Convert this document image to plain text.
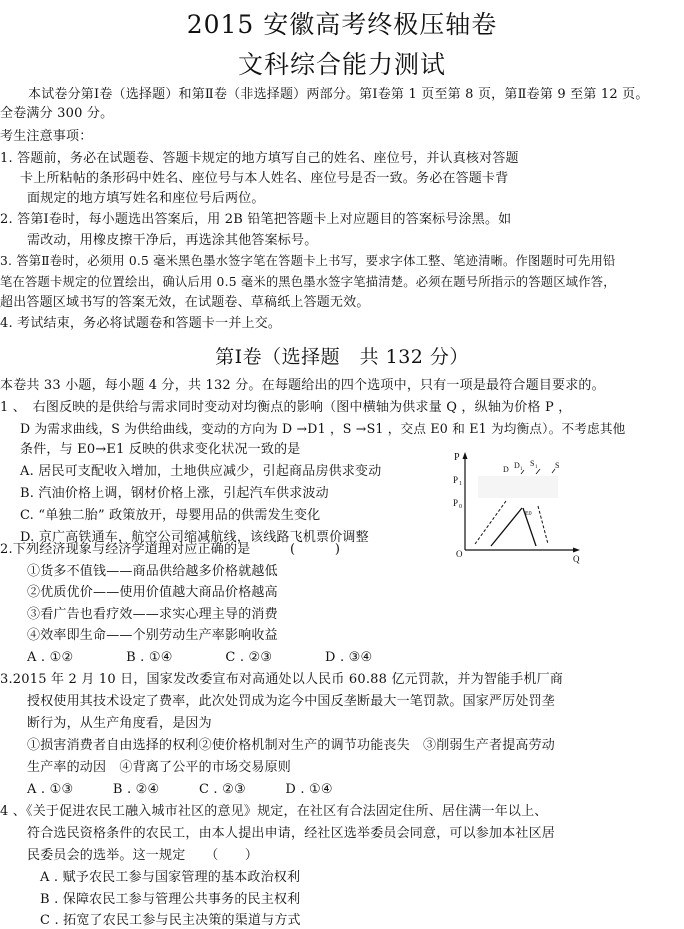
2015 安徽高考终极压轴卷
文科综合能力测试
本试卷分第Ⅰ卷（选择题）和第Ⅱ卷（非选择题）两部分。第Ⅰ卷第 1 页至第 8 页，第Ⅱ卷第 9 至第 12 页。
全卷满分 300 分。
考生注意事项：
1. 答题前，务必在试题卷、答题卡规定的地方填写自己的姓名、座位号，并认真核对答题
卡上所粘帖的条形码中姓名、座位号与本人姓名、座位号是否一致。务必在答题卡背
面规定的地方填写姓名和座位号后两位。
2. 答第Ⅰ卷时，每小题选出答案后，用 2B 铅笔把答题卡上对应题目的答案标号涂黑。如
需改动，用橡皮擦干净后，再选涂其他答案标号。
3. 答第Ⅱ卷时，必须用 0.5 毫米黑色墨水签字笔在答题卡上书写，要求字体工整、笔迹清晰。作图题时可先用铅
笔在答题卡规定的位置绘出，确认后用 0.5 毫米的黑色墨水签字笔描清楚。必须在题号所指示的答题区域作答，
超出答题区域书写的答案无效，在试题卷、草稿纸上答题无效。
4. 考试结束，务必将试题卷和答题卡一并上交。
第Ⅰ卷（选择题　共 132 分）
本卷共 33 小题，每小题 4 分，共 132 分。在每题给出的四个选项中，只有一项是最符合题目要求的。
1 、　右图反映的是供给与需求同时变动对均衡点的影响（图中横轴为供求量 Q ，纵轴为价格 P ，
D 为需求曲线，S 为供给曲线，变动的方向为 D →D1 ，S →S1 ，交点 E0 和 E1 为均衡点）。不考虑其他
条件，与 E0→E1 反映的供求变化状况一致的是
A. 居民可支配收入增加，土地供应减少，引起商品房供求变动
B. 汽油价格上调，钢材价格上涨，引起汽车供求波动
C. “单独二胎” 政策放开，母婴用品的供需发生变化
D. 京广高铁通车，航空公司缩减航线，该线路飞机票价调整
P
P 1
P 0
D D 1
S 1 S
E0
O	Q
2.下列经济现象与经济学道理对应正确的是　　　(　　　)
①货多不值钱——商品供给越多价格就越低
②优质优价——使用价值越大商品价格越高
③看广告也看疗效——求实心理主导的消费
④效率即生命——个别劳动生产率影响收益
A . ①②　　　　B . ①④　　　　C . ②③　　　　D . ③④
3.2015 年 2 月 10 日，国家发改委宣布对高通处以人民币 60.88 亿元罚款，并为智能手机厂商
授权使用其技术设定了费率，此次处罚成为迄今中国反垄断最大一笔罚款。国家严厉处罚垄
断行为，从生产角度看，是因为
①损害消费者自由选择的权利②使价格机制对生产的调节功能丧失　③削弱生产者提高劳动
生产率的动因　④背离了公平的市场交易原则
A . ①③　　　B . ②④　　　C . ②③　　　D . ①④
4 、《关于促进农民工融入城市社区的意见》规定，在社区有合法固定住所、居住满一年以上、
符合选民资格条件的农民工，由本人提出申请，经社区选举委员会同意，可以参加本社区居
民委员会的选举。这一规定　　（　　）
A . 赋予农民工参与国家管理的基本政治权利
B . 保障农民工参与管理公共事务的民主权利
C . 拓宽了农民工参与民主决策的渠道与方式
